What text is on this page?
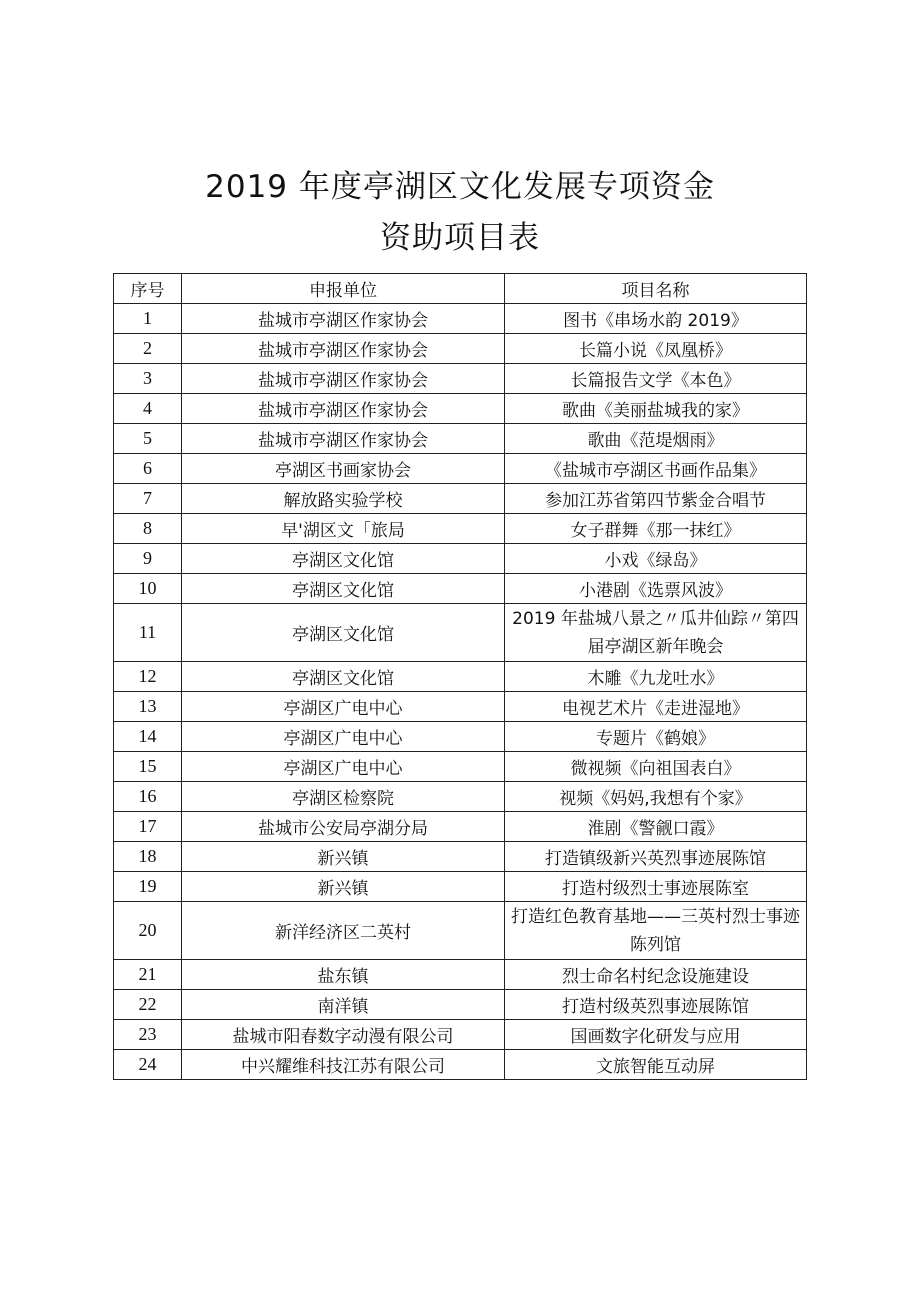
2019 年度亭湖区文化发展专项资金
资助项目表
序号	申报单位	项目名称
1	盐城市亭湖区作家协会	图书《串场水韵 2019》
2	盐城市亭湖区作家协会	长篇小说《凤凰桥》
3	盐城市亭湖区作家协会	长篇报告文学《本色》
4	盐城市亭湖区作家协会	歌曲《美丽盐城我的家》
5	盐城市亭湖区作家协会	歌曲《范堤烟雨》
6	亭湖区书画家协会	《盐城市亭湖区书画作品集》
7	解放路实验学校	参加江苏省第四节紫金合唱节
8	早'湖区文「旅局	女子群舞《那一抹红》
9	亭湖区文化馆	小戏《绿岛》
10	亭湖区文化馆	小港剧《选票风波》
11	亭湖区文化馆	2019 年盐城八景之〃瓜井仙踪〃第四届亭湖区新年晚会
12	亭湖区文化馆	木雕《九龙吐水》
13	亭湖区广电中心	电视艺术片《走进湿地》
14	亭湖区广电中心	专题片《鹤娘》
15	亭湖区广电中心	微视频《向祖国表白》
16	亭湖区检察院	视频《妈妈,我想有个家》
17	盐城市公安局亭湖分局	淮剧《警觎口霞》
18	新兴镇	打造镇级新兴英烈事迹展陈馆
19	新兴镇	打造村级烈士事迹展陈室
20	新洋经济区二英村	打造红色教育基地——三英村烈士事迹陈列馆
21	盐东镇	烈士命名村纪念设施建设
22	南洋镇	打造村级英烈事迹展陈馆
23	盐城市阳春数字动漫有限公司	国画数字化研发与应用
24	中兴耀维科技江苏有限公司	文旅智能互动屏
